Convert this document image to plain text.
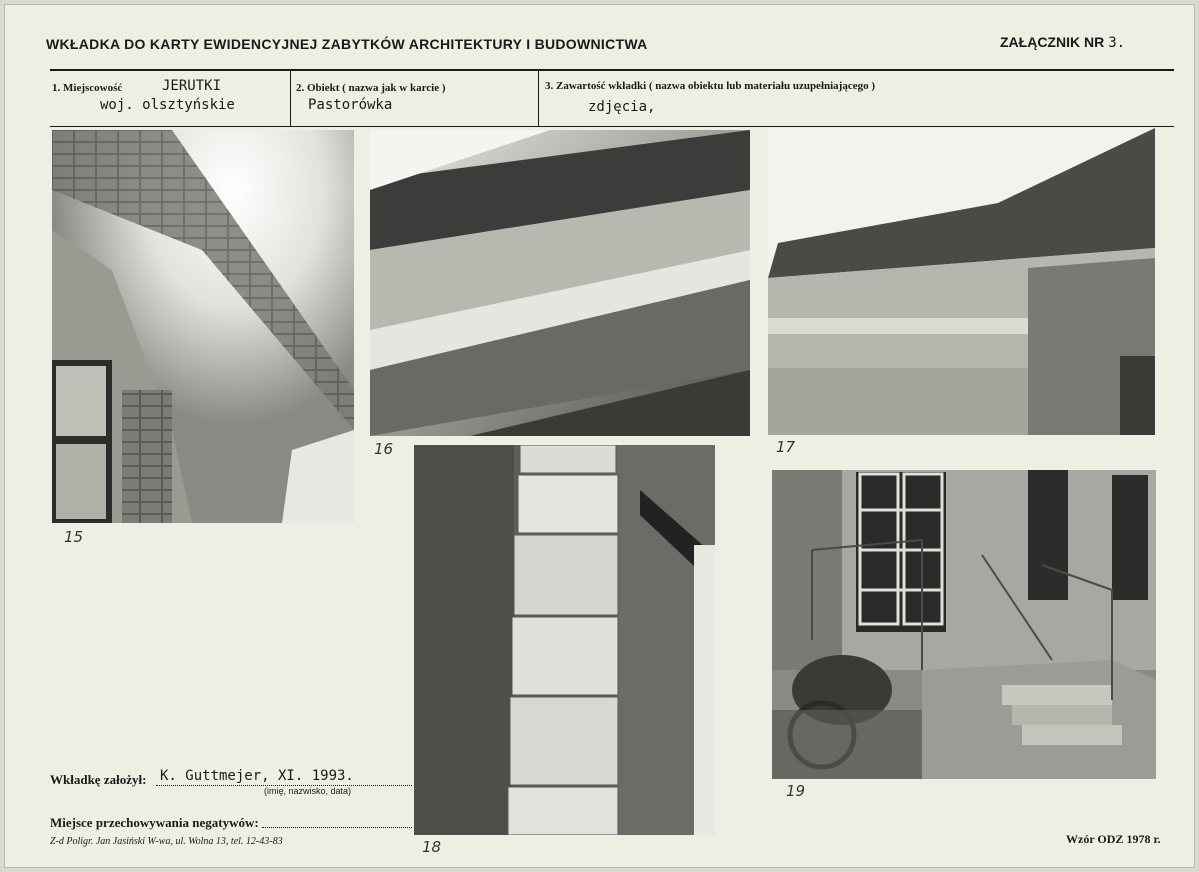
WKŁADKA DO KARTY EWIDENCYJNEJ ZABYTKÓW ARCHITEKTURY I BUDOWNICTWA	ZAŁĄCZNIK NR 3.
1. Miejscowość	JERUTKI
woj. olsztyńskie
2. Obiekt ( nazwa jak w karcie )
Pastorówka
3. Zawartość wkładki ( nazwa obiektu lub materiału uzupełniającego )
zdjęcia,
15
16	17
18
19
Wkładkę założył: K. Guttmejer, XI. 1993.
(imię, nazwisko, data)
Miejsce przechowywania negatywów:
Z-d Poligr. Jan Jasiński W-wa, ul. Wolna 13, tel. 12-43-83	Wzór ODZ 1978 r.
